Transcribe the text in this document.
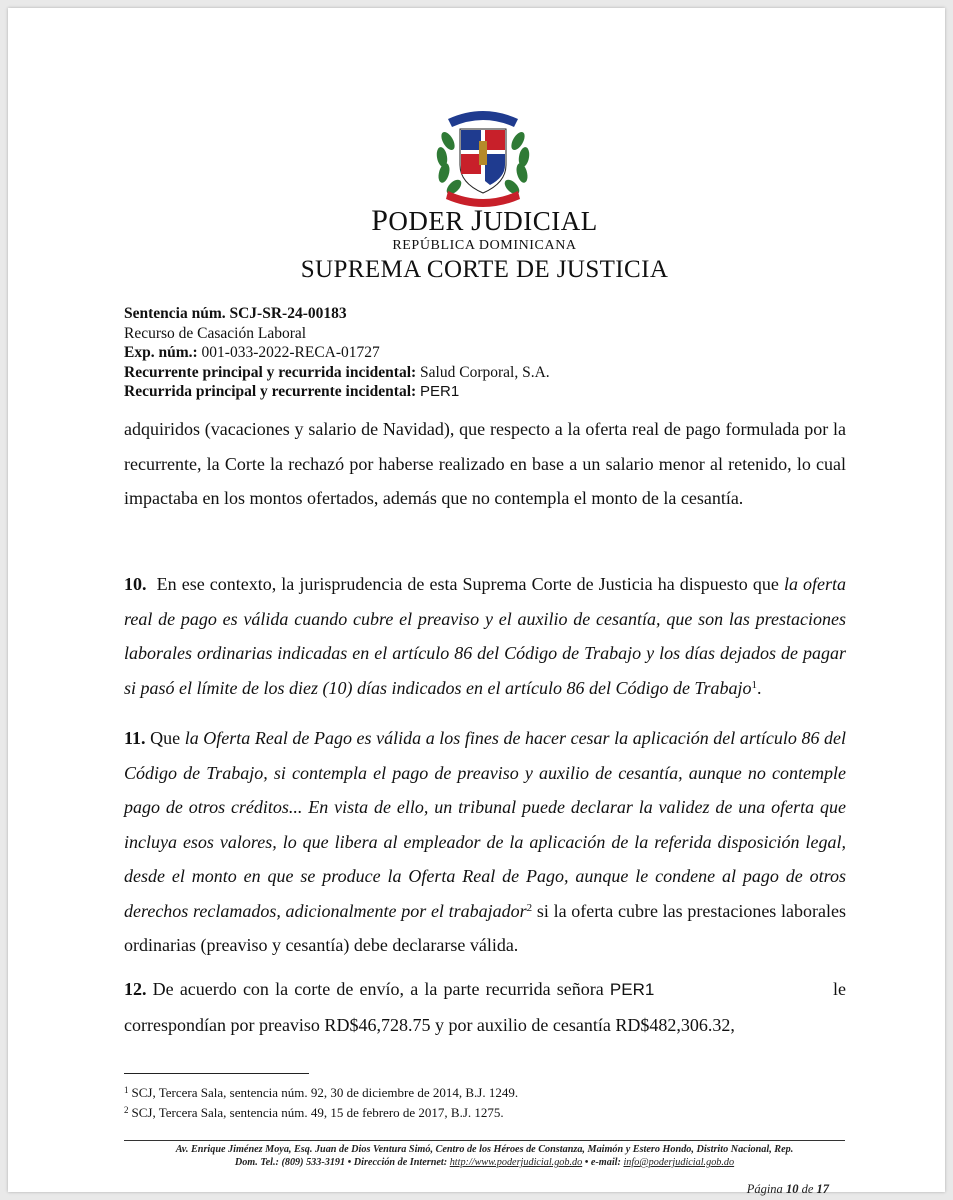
PODER JUDICIAL
REPÚBLICA DOMINICANA
SUPREMA CORTE DE JUSTICIA
Sentencia núm. SCJ-SR-24-00183
Recurso de Casación Laboral
Exp. núm.: 001-033-2022-RECA-01727
Recurrente principal y recurrida incidental: Salud Corporal, S.A.
Recurrida principal y recurrente incidental: PER1
adquiridos (vacaciones y salario de Navidad), que respecto a la oferta real de pago formulada por la recurrente, la Corte la rechazó por haberse realizado en base a un salario menor al retenido, lo cual impactaba en los montos ofertados, además que no contempla el monto de la cesantía.
10. En ese contexto, la jurisprudencia de esta Suprema Corte de Justicia ha dispuesto que la oferta real de pago es válida cuando cubre el preaviso y el auxilio de cesantía, que son las prestaciones laborales ordinarias indicadas en el artículo 86 del Código de Trabajo y los días dejados de pagar si pasó el límite de los diez (10) días indicados en el artículo 86 del Código de Trabajo$^1$.
11. Que la Oferta Real de Pago es válida a los fines de hacer cesar la aplicación del artículo 86 del Código de Trabajo, si contempla el pago de preaviso y auxilio de cesantía, aunque no contemple pago de otros créditos... En vista de ello, un tribunal puede declarar la validez de una oferta que incluya esos valores, lo que libera al empleador de la aplicación de la referida disposición legal, desde el monto en que se produce la Oferta Real de Pago, aunque le condene al pago de otros derechos reclamados, adicionalmente por el trabajador$^2$ si la oferta cubre las prestaciones laborales ordinarias (preaviso y cesantía) debe declararse válida.
12. De acuerdo con la corte de envío, a la parte recurrida señora PER1	le correspondían por preaviso RD$46,728.75 y por auxilio de cesantía RD$482,306.32,
$^1$ SCJ, Tercera Sala, sentencia núm. 92, 30 de diciembre de 2014, B.J. 1249.
$^2$ SCJ, Tercera Sala, sentencia núm. 49, 15 de febrero de 2017, B.J. 1275.
Av. Enrique Jiménez Moya, Esq. Juan de Dios Ventura Simó, Centro de los Héroes de Constanza, Maimón y Estero Hondo, Distrito Nacional, Rep.
Dom. Tel.: (809) 533-3191 • Dirección de Internet: http://www.poderjudicial.gob.do • e-mail: info@poderjudicial.gob.do
Página 10 de 17
